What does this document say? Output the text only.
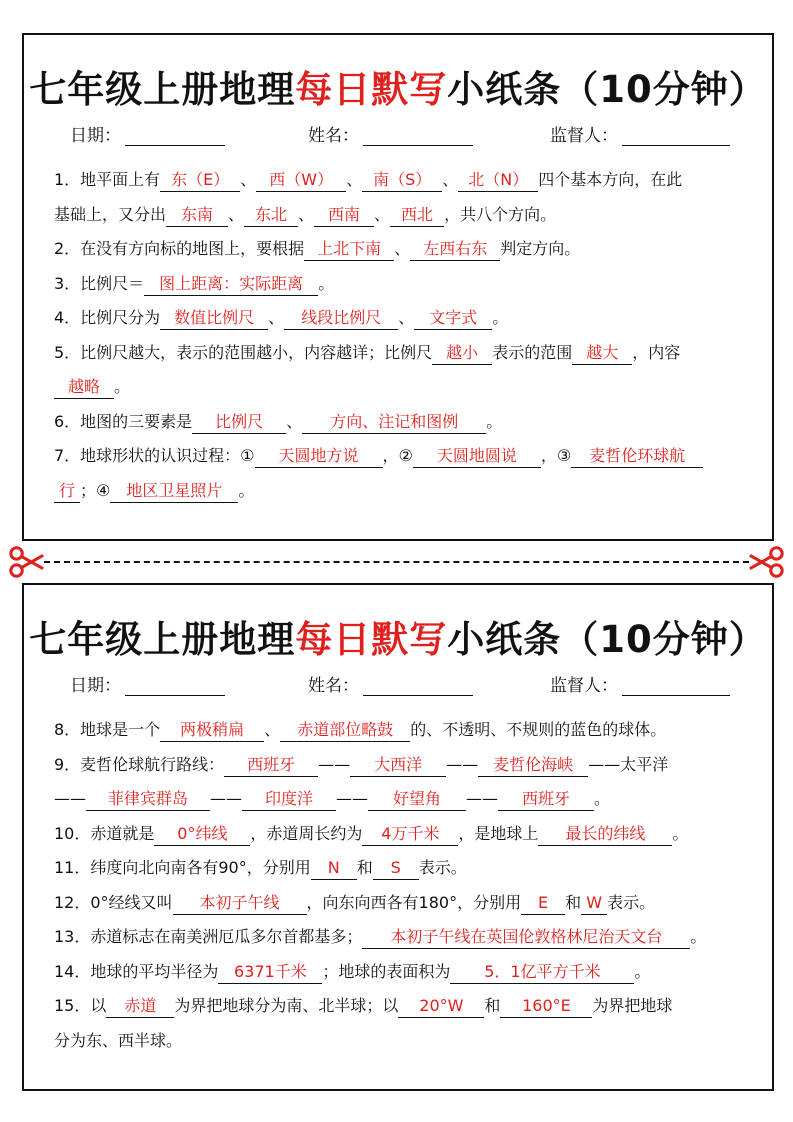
七年级上册地理每日默写小纸条（10分钟）
日期：	姓名：	监督人：
1．地平面上有 东（E） 、 西（W） 、 南（S） 、 北（N） 四个基本方向，在此
基础上，又分出 东南 、 东北 、 西南 、 西北 ，共八个方向。
2．在没有方向标的地图上，要根据 上北下南 、 左西右东 判定方向。
3．比例尺＝ 图上距离：实际距离 。
4．比例尺分为 数值比例尺 、 线段比例尺 、 文字式 。
5．比例尺越大，表示的范围越小，内容越详；比例尺 越小 表示的范围 越大 ，内容
越略 。
6．地图的三要素是 比例尺 、 方向、注记和图例 。
7．地球形状的认识过程：① 天圆地方说 ，② 天圆地圆说 ，③ 麦哲伦环球航
行 ；④ 地区卫星照片 。
七年级上册地理每日默写小纸条（10分钟）
日期：	姓名：	监督人：
8．地球是一个 两极稍扁 、 赤道部位略鼓 的、不透明、不规则的蓝色的球体。
9．麦哲伦球航行路线： 西班牙 —— 大西洋 —— 麦哲伦海峡 ——太平洋
—— 菲律宾群岛 —— 印度洋 —— 好望角 —— 西班牙 。
10．赤道就是 0°纬线 ，赤道周长约为 4万千米 ，是地球上 最长的纬线 。
11．纬度向北向南各有90°，分别用 N 和 S 表示。
12．0°经线又叫 本初子午线 ，向东向西各有180°，分别用 E 和 W 表示。
13．赤道标志在南美洲厄瓜多尔首都基多； 本初子午线在英国伦敦格林尼治天文台 。
14．地球的平均半径为 6371千米 ；地球的表面积为 5．1亿平方千米 。
15．以 赤道 为界把地球分为南、北半球；以 20°W 和 160°E 为界把地球
分为东、西半球。
